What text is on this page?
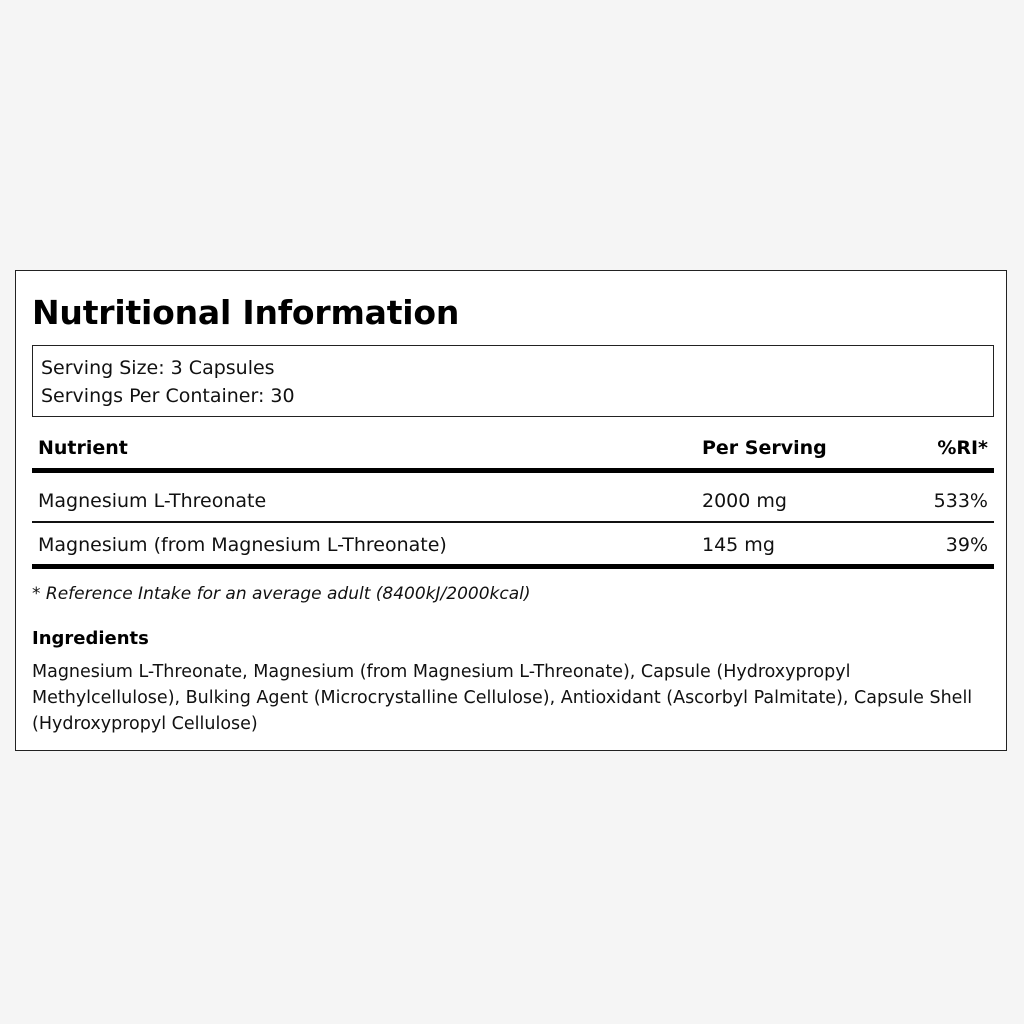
Nutritional Information
Serving Size: 3 Capsules
Servings Per Container: 30
Nutrient	Per Serving	%RI*
Magnesium L-Threonate	2000 mg	533%
Magnesium (from Magnesium L-Threonate)	145 mg	39%
* Reference Intake for an average adult (8400kJ/2000kcal)
Ingredients
Magnesium L-Threonate, Magnesium (from Magnesium L-Threonate), Capsule (Hydroxypropyl Methylcellulose), Bulking Agent (Microcrystalline Cellulose), Antioxidant (Ascorbyl Palmitate), Capsule Shell (Hydroxypropyl Cellulose)
